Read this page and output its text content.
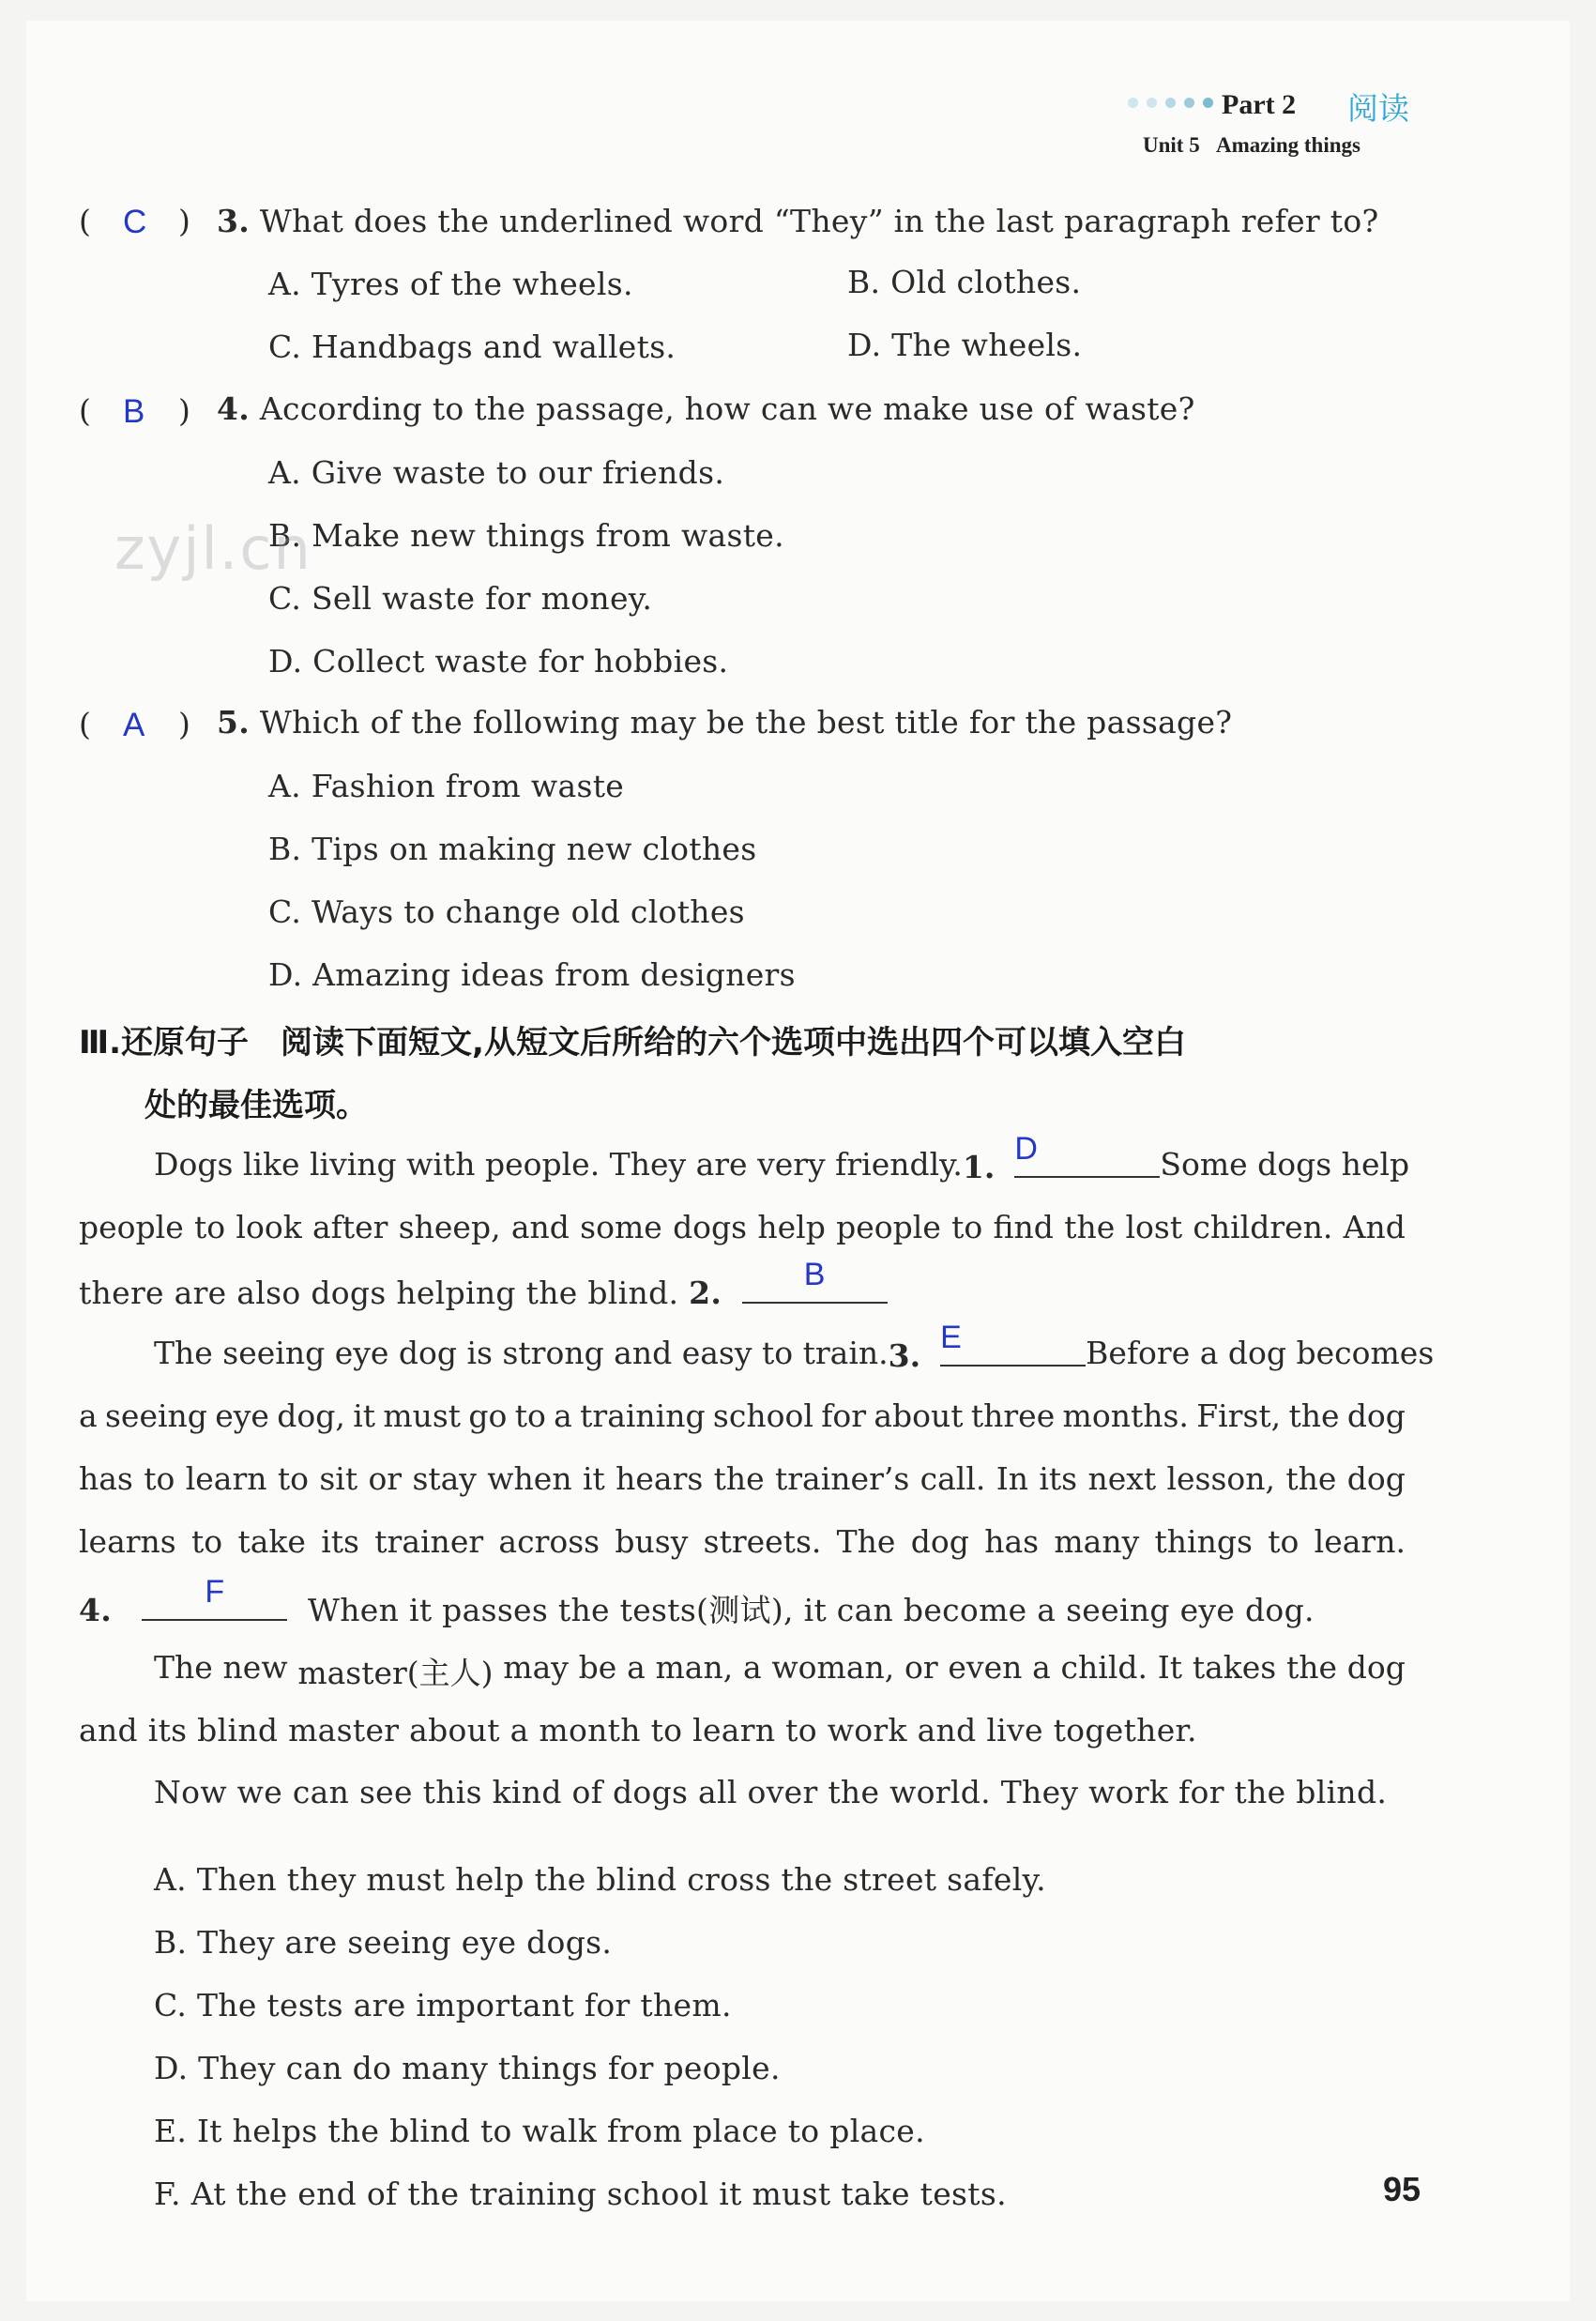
Part 2 阅读
Unit 5 Amazing things
( C ) 3. What does the underlined word “They” in the last paragraph refer to?
A. Tyres of the wheels.	B. Old clothes.
C. Handbags and wallets.	D. The wheels.
( B ) 4. According to the passage, how can we make use of waste?
A. Give waste to our friends.
B. Make new things from waste.
C. Sell waste for money.
D. Collect waste for hobbies.
zyjl.cn
( A ) 5. Which of the following may be the best title for the passage?
A. Fashion from waste
B. Tips on making new clothes
C. Ways to change old clothes
D. Amazing ideas from designers
Ⅲ.还原句子　阅读下面短文,从短文后所给的六个选项中选出四个可以填入空白
处的最佳选项。
Dogs like living with people. They are very friendly. 1. D	Some dogs help
people to look after sheep, and some dogs help people to find the lost children. And
there are also dogs helping the blind. 2.	B
The seeing eye dog is strong and easy to train. 3. E	Before a dog becomes
a seeing eye dog, it must go to a training school for about three months. First, the dog
has to learn to sit or stay when it hears the trainer’s call. In its next lesson, the dog
learns to take its trainer across busy streets. The dog has many things to learn.
4.	F	When it passes the tests(测试), it can become a seeing eye dog.
The new master(主人) may be a man, a woman, or even a child. It takes the dog
and its blind master about a month to learn to work and live together.
Now we can see this kind of dogs all over the world. They work for the blind.
A. Then they must help the blind cross the street safely.
B. They are seeing eye dogs.
C. The tests are important for them.
D. They can do many things for people.
E. It helps the blind to walk from place to place.
F. At the end of the training school it must take tests.	95
